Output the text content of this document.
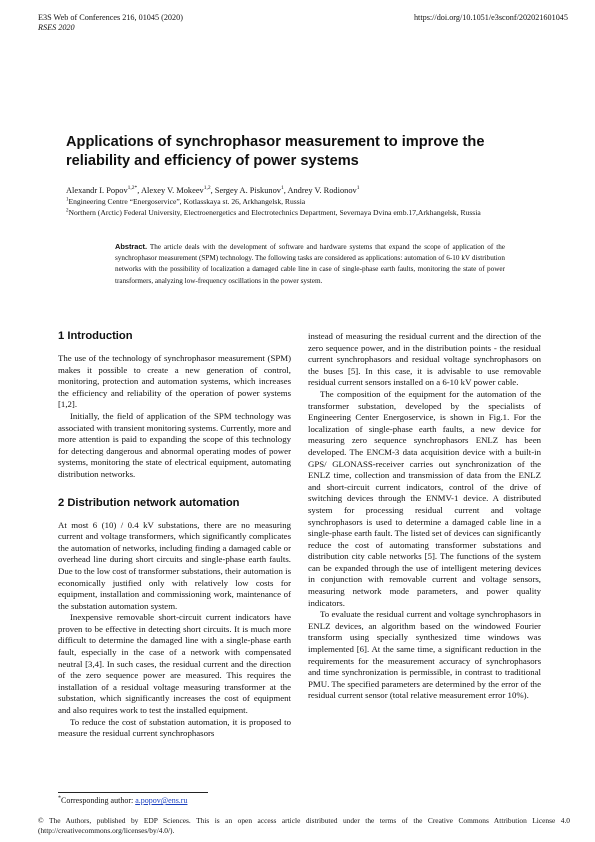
E3S Web of Conferences 216, 01045 (2020)
RSES 2020
https://doi.org/10.1051/e3sconf/202021601045
Applications of synchrophasor measurement to improve the reliability and efficiency of power systems
Alexandr I. Popov$^{1,2*}$, Alexey V. Mokeev$^{1,2}$, Sergey A. Piskunov$^1$, Andrey V. Rodionov$^1$
$^1$Engineering Centre “Energoservice”, Kotlasskaya st. 26, Arkhangelsk, Russia
$^2$Northern (Arctic) Federal University, Electroenergetics and Electrotechnics Department, Severnaya Dvina emb.17,Arkhangelsk, Russia
Abstract. The article deals with the development of software and hardware systems that expand the scope of application of the synchrophasor measurement (SPM) technology. The following tasks are considered as applications: automation of 6-10 kV distribution networks with the possibility of localization a damaged cable line in case of single-phase earth faults, monitoring the state of power transformers, analyzing low-frequency oscillations in the power system.
1 Introduction

The use of the technology of synchrophasor measurement (SPM) makes it possible to create a new generation of control, monitoring, protection and automation systems, which increases the efficiency and reliability of the operation of power systems [1,2].

Initially, the field of application of the SPM technology was associated with transient monitoring systems. Currently, more and more attention is paid to expanding the scope of this technology for detecting dangerous and abnormal operating modes of power systems, monitoring the state of electrical equipment, automating distribution networks.

2 Distribution network automation

At most 6 (10) / 0.4 kV substations, there are no measuring current and voltage transformers, which significantly complicates the automation of networks, including finding a damaged cable or overhead line during short circuits and single-phase earth faults. Due to the low cost of transformer substations, their automation is economically justified only with relatively low costs for equipment, installation and commissioning work, maintenance of the substation automation system.

Inexpensive removable short-circuit current indicators have proven to be effective in detecting short circuits. It is much more difficult to determine the damaged line with a single-phase earth fault, especially in the case of a network with compensated neutral [3,4]. In such cases, the residual current and the direction of the zero sequence power are measured. This requires the installation of a residual voltage measuring transformer at the substation, which significantly increases the cost of equipment and also requires work to test the installed equipment.

To reduce the cost of substation automation, it is proposed to measure the residual current synchrophasors

instead of measuring the residual current and the direction of the zero sequence power, and in the distribution points - the residual current synchrophasors and residual voltage synchrophasors on the buses [5]. In this case, it is advisable to use removable residual current sensors installed on a 6-10 kV power cable.

The composition of the equipment for the automation of the transformer substation, developed by the specialists of Engineering Center Energoservice, is shown in Fig.1. For the localization of single-phase earth faults, a new device for measuring zero sequence synchrophasors ENLZ has been developed. The ENCM-3 data acquisition device with a built-in GPS/ GLONASS-receiver carries out synchronization of the ENLZ time, collection and transmission of data from the ENLZ and short-circuit current indicators, control of the drive of switching devices through the ENMV-1 device. A distributed system for processing residual current and voltage synchrophasors is used to determine a damaged cable line in a single-phase earth fault. The listed set of devices can significantly reduce the cost of automating transformer substations and distribution city cable networks [5]. The functions of the system can be expanded through the use of intelligent metering devices in conjunction with removable current and voltage sensors, measuring network mode parameters, and power quality indicators.

To evaluate the residual current and voltage synchrophasors in ENLZ devices, an algorithm based on the windowed Fourier transform using specially synthesized time windows was implemented [6]. At the same time, a significant reduction in the requirements for the measurement accuracy of synchrophasors and time synchronization is permissible, in contrast to traditional PMU. The specified parameters are determined by the error of the residual current sensor (total relative measurement error 10%).

*Corresponding author: a.popov@ens.ru
© The Authors, published by EDP Sciences. This is an open access article distributed under the terms of the Creative Commons Attribution License 4.0 (http://creativecommons.org/licenses/by/4.0/).
